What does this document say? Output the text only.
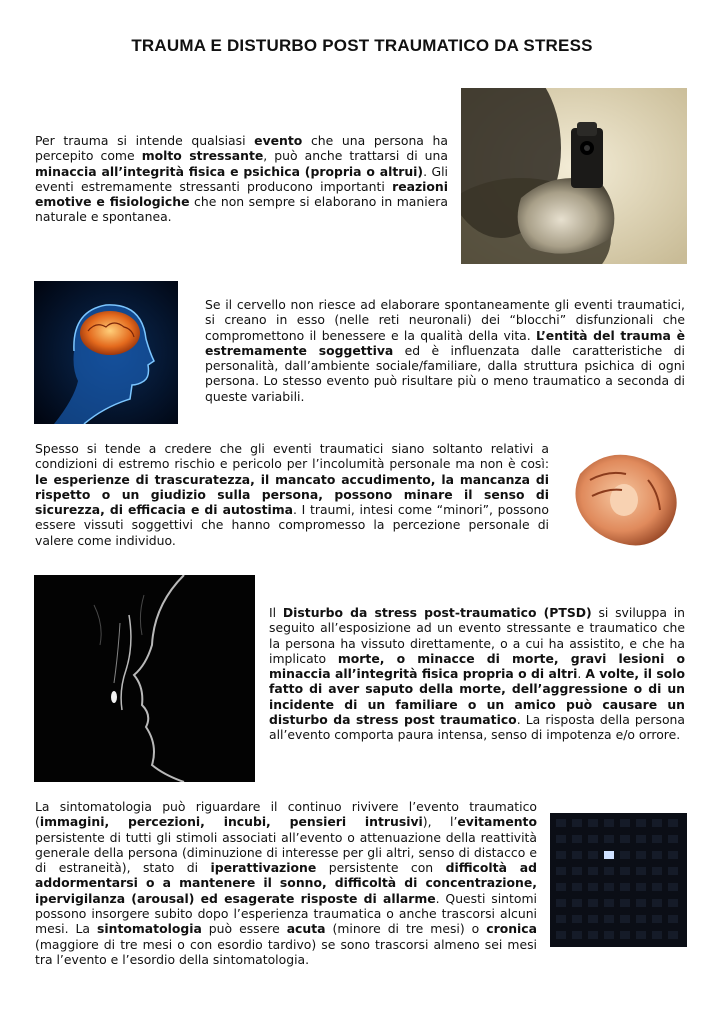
TRAUMA E DISTURBO POST TRAUMATICO DA STRESS
Per trauma si intende qualsiasi evento che una persona ha percepito come molto stressante, può anche trattarsi di una minaccia all’integrità fisica e psichica (propria o altrui). Gli eventi estremamente stressanti producono importanti reazioni emotive e fisiologiche che non sempre si elaborano in maniera naturale e spontanea.
Se il cervello non riesce ad elaborare spontaneamente gli eventi traumatici, si creano in esso (nelle reti neuronali) dei “blocchi” disfunzionali che compromettono il benessere e la qualità della vita. L’entità del trauma è estremamente soggettiva ed è influenzata dalle caratteristiche di personalità, dall’ambiente sociale/familiare, dalla struttura psichica di ogni persona. Lo stesso evento può risultare più o meno traumatico a seconda di queste variabili.
Spesso si tende a credere che gli eventi traumatici siano soltanto relativi a condizioni di estremo rischio e pericolo per l’incolumità personale ma non è così: le esperienze di trascuratezza, il mancato accudimento, la mancanza di rispetto o un giudizio sulla persona, possono minare il senso di sicurezza, di efficacia e di autostima. I traumi, intesi come “minori”, possono essere vissuti soggettivi che hanno compromesso la percezione personale di valere come individuo.
Il Disturbo da stress post-traumatico (PTSD) si sviluppa in seguito all’esposizione ad un evento stressante e traumatico che la persona ha vissuto direttamente, o a cui ha assistito, e che ha implicato morte, o minacce di morte, gravi lesioni o minaccia all’integrità fisica propria o di altri. A volte, il solo fatto di aver saputo della morte, dell’aggressione o di un incidente di un familiare o un amico può causare un disturbo da stress post traumatico. La risposta della persona all’evento comporta paura intensa, senso di impotenza e/o orrore.
La sintomatologia può riguardare il continuo rivivere l’evento traumatico (immagini, percezioni, incubi, pensieri intrusivi), l’evitamento persistente di tutti gli stimoli associati all’evento o attenuazione della reattività generale della persona (diminuzione di interesse per gli altri, senso di distacco e di estraneità), stato di iperattivazione persistente con difficoltà ad addormentarsi o a mantenere il sonno, difficoltà di concentrazione, ipervigilanza (arousal) ed esagerate risposte di allarme. Questi sintomi possono insorgere subito dopo l’esperienza traumatica o anche trascorsi alcuni mesi. La sintomatologia può essere acuta (minore di tre mesi) o cronica (maggiore di tre mesi o con esordio tardivo) se sono trascorsi almeno sei mesi tra l’evento e l’esordio della sintomatologia.
